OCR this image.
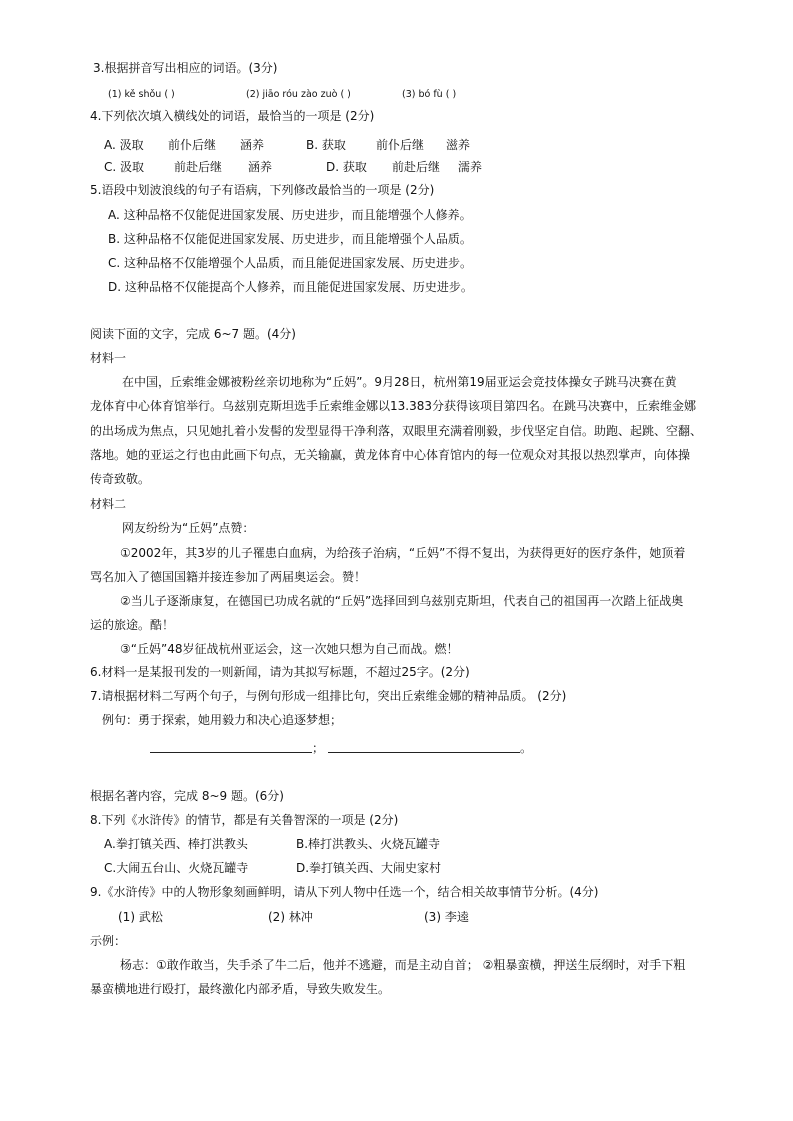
3.根据拼音写出相应的词语。(3分)
(1) kě shǒu ( )	(2) jiāo róu zào zuò ( )	(3) bó fù ( )
4.下列依次填入横线处的词语，最恰当的一项是 (2分)
A. 汲取 前仆后继 涵养	B. 获取	前仆后继 滋养
C. 汲取 前赴后继 涵养	D. 获取 前赴后继 濡养
5.语段中划波浪线的句子有语病，下列修改最恰当的一项是 (2分)
A. 这种品格不仅能促进国家发展、历史进步，而且能增强个人修养。
B. 这种品格不仅能促进国家发展、历史进步，而且能增强个人品质。
C. 这种品格不仅能增强个人品质，而且能促进国家发展、历史进步。
D. 这种品格不仅能提高个人修养，而且能促进国家发展、历史进步。
阅读下面的文字，完成 6~7 题。(4分)
材料一
在中国，丘索维金娜被粉丝亲切地称为“丘妈”。9月28日，杭州第19届亚运会竞技体操女子跳马决赛在黄
龙体育中心体育馆举行。乌兹别克斯坦选手丘索维金娜以13.383分获得该项目第四名。在跳马决赛中，丘索维金娜
的出场成为焦点，只见她扎着小发髻的发型显得干净利落，双眼里充满着刚毅，步伐坚定自信。助跑、起跳、空翻、
落地。她的亚运之行也由此画下句点，无关输赢，黄龙体育中心体育馆内的每一位观众对其报以热烈掌声，向体操
传奇致敬。
材料二
网友纷纷为“丘妈”点赞：
①2002年，其3岁的儿子罹患白血病，为给孩子治病，“丘妈”不得不复出，为获得更好的医疗条件，她顶着
骂名加入了德国国籍并接连参加了两届奥运会。赞！
②当儿子逐渐康复，在德国已功成名就的“丘妈”选择回到乌兹别克斯坦，代表自己的祖国再一次踏上征战奥
运的旅途。酷！
③“丘妈”48岁征战杭州亚运会，这一次她只想为自己而战。燃！
6.材料一是某报刊发的一则新闻，请为其拟写标题，不超过25字。(2分)
7.请根据材料二写两个句子，与例句形成一组排比句，突出丘索维金娜的精神品质。 (2分)
例句：勇于探索，她用毅力和决心追逐梦想；
；	。
根据名著内容，完成 8~9 题。(6分)
8.下列《水浒传》的情节，都是有关鲁智深的一项是 (2分)
A.拳打镇关西、棒打洪教头	B.棒打洪教头、火烧瓦罐寺
C.大闹五台山、火烧瓦罐寺	D.拳打镇关西、大闹史家村
9.《水浒传》中的人物形象刻画鲜明，请从下列人物中任选一个，结合相关故事情节分析。(4分)
(1) 武松	(2) 林冲	(3) 李逵
示例：
杨志：①敢作敢当，失手杀了牛二后，他并不逃避，而是主动自首； ②粗暴蛮横，押送生辰纲时，对手下粗
暴蛮横地进行殴打，最终激化内部矛盾，导致失败发生。
